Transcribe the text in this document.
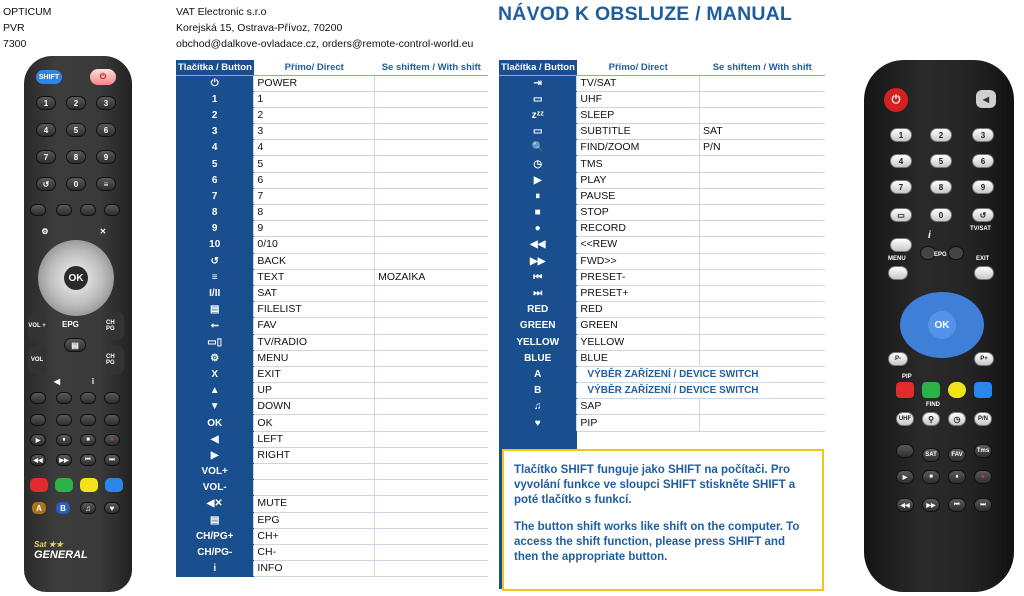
OPTICUM
PVR
7300
VAT Electronic s.r.o
Korejská 15, Ostrava-Přívoz, 70200
obchod@dalkove-ovladace.cz, orders@remote-control-world.eu
NÁVOD K OBSLUZE / MANUAL
Tlačítka / Button	Přímo/ Direct	Se shiftem / With shift
⏻	POWER	
1	1	
2	2	
3	3	
4	4	
5	5	
6	6	
7	7	
8	8	
9	9	
10	0/10	
↺	BACK	
≡	TEXT	MOZAIKA
I/II	SAT	
▤	FILELIST	
⭠	FAV	
▭▯	TV/RADIO	
⚙	MENU	
X	EXIT	
▲	UP	
▼	DOWN	
OK	OK	
◀	LEFT	
▶	RIGHT	
VOL+		
VOL-		
◀✕	MUTE	
▤	EPG	
CH/PG+	CH+	
CH/PG-	CH-	
i	INFO	
Tlačítka / Button	Přímo/ Direct	Se shiftem / With shift
⇥	TV/SAT	
▭	UHF	
zᶻᶻ	SLEEP	
▭	SUBTITLE	SAT
🔍	FIND/ZOOM	P/N
◷	TMS	
▶	PLAY	
⏸	PAUSE	
■	STOP	
●	RECORD	
◀◀	<<REW	
▶▶	FWD>>	
⏮	PRESET-	
⏭	PRESET+	
RED	RED	
GREEN	GREEN	
YELLOW	YELLOW	
BLUE	BLUE	
A	VÝBĚR ZAŘÍZENÍ / DEVICE SWITCH	
B	VÝBĚR ZAŘÍZENÍ / DEVICE SWITCH	
♫	SAP	
♥	PIP	

Tlačítko SHIFT funguje jako SHIFT na počítači. Pro vyvolání funkce ve sloupci SHIFT stiskněte SHIFT a poté tlačítko s funkcí.

The button shift works like shift on the computer. To access the shift function, please press SHIFT and then the appropriate button.

SHIFT	⏻
1	2	3
4	5	6
7	8	9
↺	0	≡
⚙	✕
OK
VOL + EPG	CH PG
▤
VOL	CH PG
◀	i
▶	⏸	■	●
◀◀	▶▶	⏮	⏭
A	B	♫	♥
Sat ★★
GENERAL
⏻	◀
1	2	3
4	5	6
7	8	9
▭	0	↺
TV/SAT
i
EPG
MENU	EXIT
OK
P-	P+
PIP
FIND
UHF	⚲	◷	P/N
SAT	FAV
Tms
▶	■	⏸	●
◀◀	▶▶	⏮	⏭
